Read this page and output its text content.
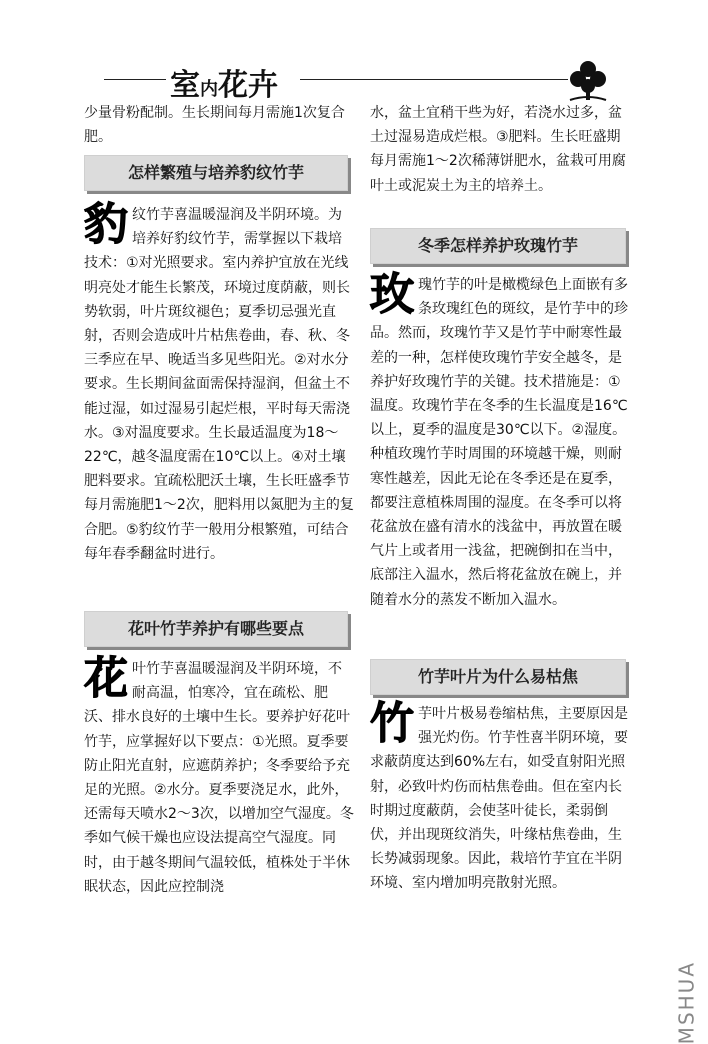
室内花卉
少量骨粉配制。生长期间每月需施1次复合肥。
怎样繁殖与培养豹纹竹芋
豹纹竹芋喜温暖湿润及半阴环境。为培养好豹纹竹芋，需掌握以下栽培技术：①对光照要求。室内养护宜放在光线明亮处才能生长繁茂，环境过度荫蔽，则长势软弱，叶片斑纹褪色；夏季切忌强光直射，否则会造成叶片枯焦卷曲，春、秋、冬三季应在早、晚适当多见些阳光。②对水分要求。生长期间盆面需保持湿润，但盆土不能过湿，如过湿易引起烂根，平时每天需浇水。③对温度要求。生长最适温度为18～22℃，越冬温度需在10℃以上。④对土壤肥料要求。宜疏松肥沃土壤，生长旺盛季节每月需施肥1～2次，肥料用以氮肥为主的复合肥。⑤豹纹竹芋一般用分根繁殖，可结合每年春季翻盆时进行。
花叶竹芋养护有哪些要点
花叶竹芋喜温暖湿润及半阴环境，不耐高温，怕寒冷，宜在疏松、肥沃、排水良好的土壤中生长。要养护好花叶竹芋，应掌握好以下要点：①光照。夏季要防止阳光直射，应遮荫养护；冬季要给予充足的光照。②水分。夏季要浇足水，此外，还需每天喷水2～3次，以增加空气湿度。冬季如气候干燥也应设法提高空气湿度。同时，由于越冬期间气温较低，植株处于半休眠状态，因此应控制浇
水，盆土宜稍干些为好，若浇水过多，盆土过湿易造成烂根。③肥料。生长旺盛期每月需施1～2次稀薄饼肥水，盆栽可用腐叶土或泥炭土为主的培养土。
冬季怎样养护玫瑰竹芋
玫瑰竹芋的叶是橄榄绿色上面嵌有多条玫瑰红色的斑纹，是竹芋中的珍品。然而，玫瑰竹芋又是竹芋中耐寒性最差的一种，怎样使玫瑰竹芋安全越冬，是养护好玫瑰竹芋的关键。技术措施是：①温度。玫瑰竹芋在冬季的生长温度是16℃以上，夏季的温度是30℃以下。②湿度。种植玫瑰竹芋时周围的环境越干燥，则耐寒性越差，因此无论在冬季还是在夏季，都要注意植株周围的湿度。在冬季可以将花盆放在盛有清水的浅盆中，再放置在暖气片上或者用一浅盆，把碗倒扣在当中，底部注入温水，然后将花盆放在碗上，并随着水分的蒸发不断加入温水。
竹芋叶片为什么易枯焦
竹芋叶片极易卷缩枯焦，主要原因是强光灼伤。竹芋性喜半阴环境，要求蔽荫度达到60%左右，如受直射阳光照射，必致叶灼伤而枯焦卷曲。但在室内长时期过度蔽荫，会使茎叶徒长，柔弱倒伏，并出现斑纹消失，叶缘枯焦卷曲，生长势减弱现象。因此，栽培竹芋宜在半阴环境、室内增加明亮散射光照。
MSHUA
